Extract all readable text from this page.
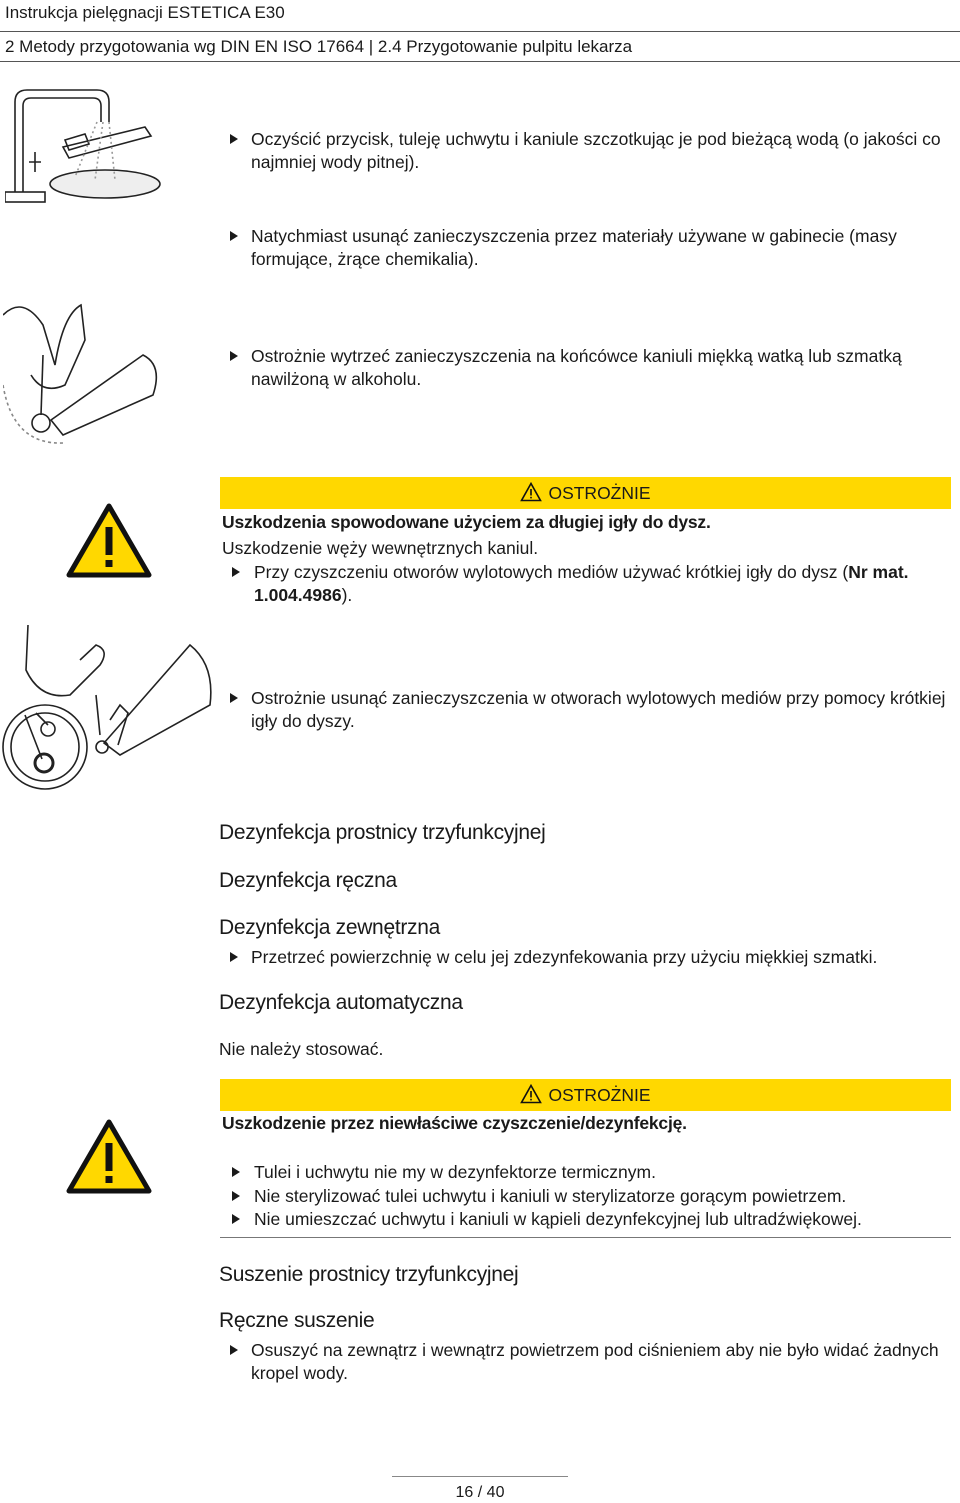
Instrukcja pielęgnacji ESTETICA E30
2 Metody przygotowania wg DIN EN ISO 17664 | 2.4 Przygotowanie pulpitu lekarza
Oczyścić przycisk, tuleję uchwytu i kaniule szczotkując je pod bieżącą wodą (o jakości co najmniej wody pitnej).
Natychmiast usunąć zanieczyszczenia przez materiały używane w gabinecie (masy formujące, żrące chemikalia).
Ostrożnie wytrzeć zanieczyszczenia na końcówce kaniuli miękką watką lub szmatką nawilżoną w alkoholu.
OSTROŻNIE
Uszkodzenia spowodowane użyciem za długiej igły do dysz.
Uszkodzenie węży wewnętrznych kaniul.
Przy czyszczeniu otworów wylotowych mediów używać krótkiej igły do dysz (Nr mat. 1.004.4986).
Ostrożnie usunąć zanieczyszczenia w otworach wylotowych mediów przy pomocy krótkiej igły do dyszy.
Dezynfekcja prostnicy trzyfunkcyjnej
Dezynfekcja ręczna
Dezynfekcja zewnętrzna
Przetrzeć powierzchnię w celu jej zdezynfekowania przy użyciu miękkiej szmatki.
Dezynfekcja automatyczna
Nie należy stosować.
OSTROŻNIE
Uszkodzenie przez niewłaściwe czyszczenie/dezynfekcję.
Tulei i uchwytu nie my w dezynfektorze termicznym.
Nie sterylizować tulei uchwytu i kaniuli w sterylizatorze gorącym powietrzem.
Nie umieszczać uchwytu i kaniuli w kąpieli dezynfekcyjnej lub ultradźwiękowej.
Suszenie prostnicy trzyfunkcyjnej
Ręczne suszenie
Osuszyć na zewnątrz i wewnątrz powietrzem pod ciśnieniem aby nie było widać żadnych kropel wody.
16 / 40
